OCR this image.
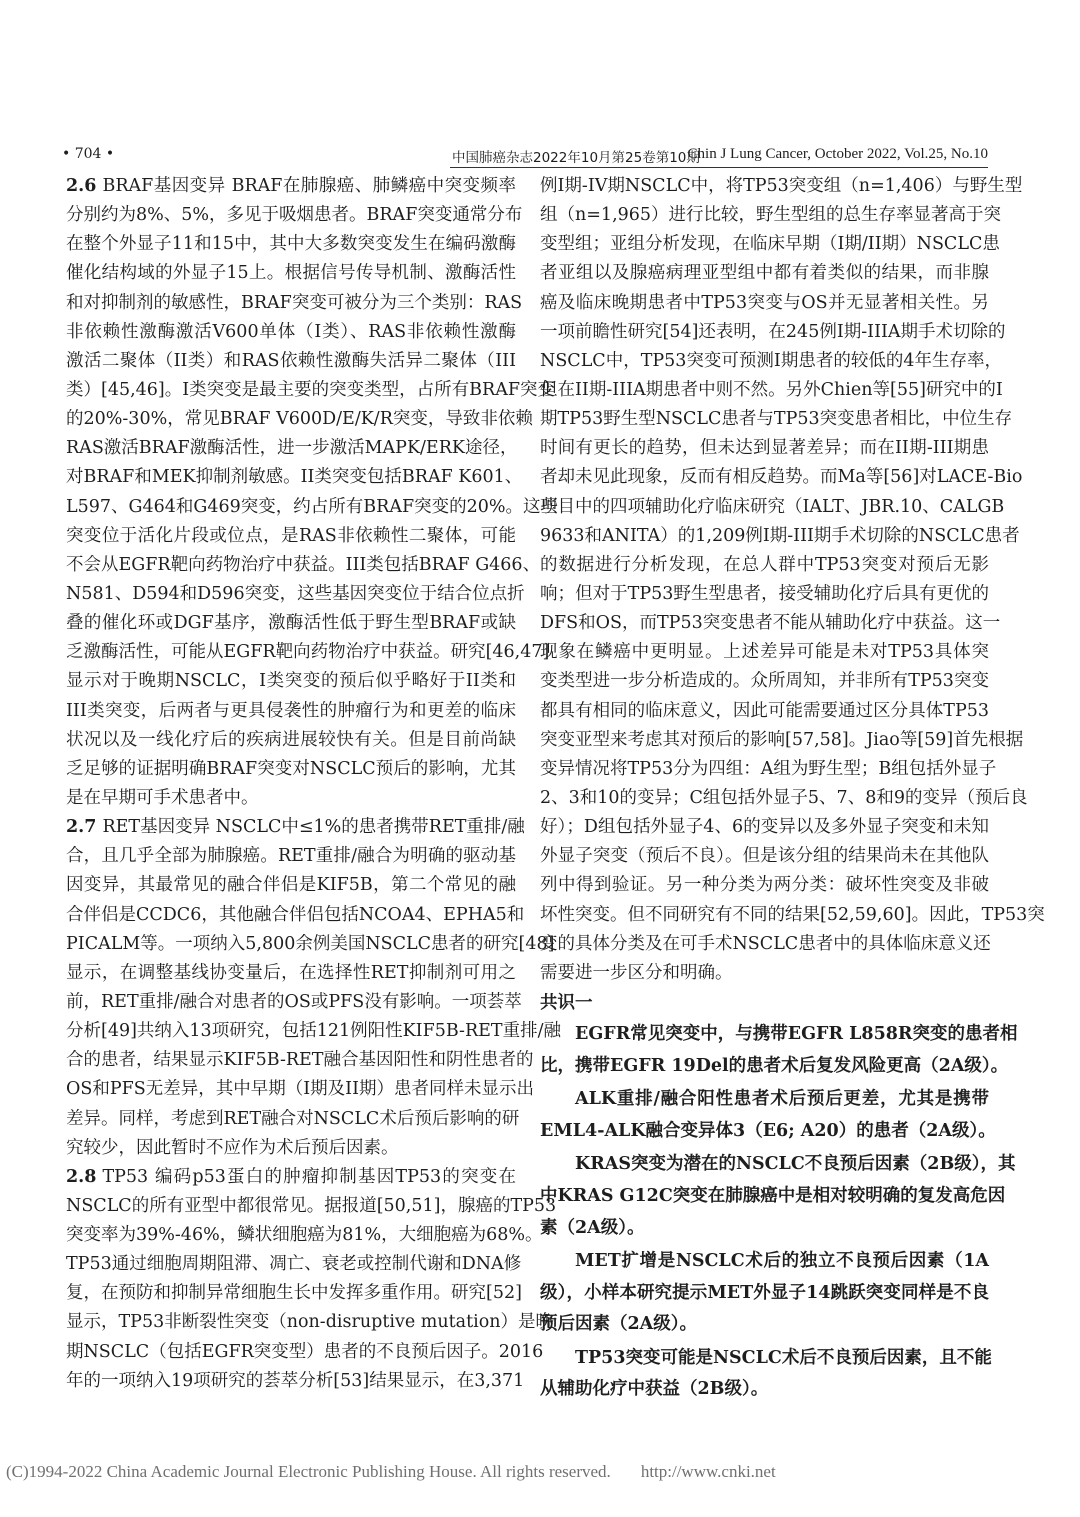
• 704 •	中国肺癌杂志2022年10月第25卷第10期
Chin J Lung Cancer, October 2022, Vol.25, No.10
2.6 BRAF基因变异 BRAF在肺腺癌、肺鳞癌中突变频率
分别约为8%、5%，多见于吸烟患者。BRAF突变通常分布
在整个外显子11和15中，其中大多数突变发生在编码激酶
催化结构域的外显子15上。根据信号传导机制、激酶活性
和对抑制剂的敏感性，BRAF突变可被分为三个类别：RAS
非依赖性激酶激活V600单体（I类）、RAS非依赖性激酶
激活二聚体（II类）和RAS依赖性激酶失活异二聚体（III
类）[45,46]。I类突变是最主要的突变类型，占所有BRAF突变
的20%-30%，常见BRAF V600D/E/K/R突变，导致非依赖
RAS激活BRAF激酶活性，进一步激活MAPK/ERK途径，
对BRAF和MEK抑制剂敏感。II类突变包括BRAF K601、
L597、G464和G469突变，约占所有BRAF突变的20%。这些
突变位于活化片段或位点，是RAS非依赖性二聚体，可能
不会从EGFR靶向药物治疗中获益。III类包括BRAF G466、
N581、D594和D596突变，这些基因突变位于结合位点折
叠的催化环或DGF基序，激酶活性低于野生型BRAF或缺
乏激酶活性，可能从EGFR靶向药物治疗中获益。研究[46,47]
显示对于晚期NSCLC，I类突变的预后似乎略好于II类和
III类突变，后两者与更具侵袭性的肿瘤行为和更差的临床
状况以及一线化疗后的疾病进展较快有关。但是目前尚缺
乏足够的证据明确BRAF突变对NSCLC预后的影响，尤其
是在早期可手术患者中。
2.7 RET基因变异 NSCLC中≤1%的患者携带RET重排/融
合，且几乎全部为肺腺癌。RET重排/融合为明确的驱动基
因变异，其最常见的融合伴侣是KIF5B，第二个常见的融
合伴侣是CCDC6，其他融合伴侣包括NCOA4、EPHA5和
PICALM等。一项纳入5,800余例美国NSCLC患者的研究[48]
显示，在调整基线协变量后，在选择性RET抑制剂可用之
前，RET重排/融合对患者的OS或PFS没有影响。一项荟萃
分析[49]共纳入13项研究，包括121例阳性KIF5B-RET重排/融
合的患者，结果显示KIF5B-RET融合基因阳性和阴性患者的
OS和PFS无差异，其中早期（I期及II期）患者同样未显示出
差异。同样，考虑到RET融合对NSCLC术后预后影响的研
究较少，因此暂时不应作为术后预后因素。
2.8 TP53 编码p53蛋白的肿瘤抑制基因TP53的突变在
NSCLC的所有亚型中都很常见。据报道[50,51]，腺癌的TP53
突变率为39%-46%，鳞状细胞癌为81%，大细胞癌为68%。
TP53通过细胞周期阻滞、凋亡、衰老或控制代谢和DNA修
复，在预防和抑制异常细胞生长中发挥多重作用。研究[52]
显示，TP53非断裂性突变（non-disruptive mutation）是晚
期NSCLC（包括EGFR突变型）患者的不良预后因子。2016
年的一项纳入19项研究的荟萃分析[53]结果显示，在3,371
例I期-IV期NSCLC中，将TP53突变组（n=1,406）与野生型
组（n=1,965）进行比较，野生型组的总生存率显著高于突
变型组；亚组分析发现，在临床早期（I期/II期）NSCLC患
者亚组以及腺癌病理亚型组中都有着类似的结果，而非腺
癌及临床晚期患者中TP53突变与OS并无显著相关性。另
一项前瞻性研究[54]还表明，在245例I期-IIIA期手术切除的
NSCLC中，TP53突变可预测I期患者的较低的4年生存率，
但在II期-IIIA期患者中则不然。另外Chien等[55]研究中的I
期TP53野生型NSCLC患者与TP53突变患者相比，中位生存
时间有更长的趋势，但未达到显著差异；而在II期-III期患
者却未见此现象，反而有相反趋势。而Ma等[56]对LACE-Bio
项目中的四项辅助化疗临床研究（IALT、JBR.10、CALGB
9633和ANITA）的1,209例I期-III期手术切除的NSCLC患者
的数据进行分析发现，在总人群中TP53突变对预后无影
响；但对于TP53野生型患者，接受辅助化疗后具有更优的
DFS和OS，而TP53突变患者不能从辅助化疗中获益。这一
现象在鳞癌中更明显。上述差异可能是未对TP53具体突
变类型进一步分析造成的。众所周知，并非所有TP53突变
都具有相同的临床意义，因此可能需要通过区分具体TP53
突变亚型来考虑其对预后的影响[57,58]。Jiao等[59]首先根据
变异情况将TP53分为四组：A组为野生型；B组包括外显子
2、3和10的变异；C组包括外显子5、7、8和9的变异（预后良
好）；D组包括外显子4、6的变异以及多外显子突变和未知
外显子突变（预后不良）。但是该分组的结果尚未在其他队
列中得到验证。另一种分类为两分类：破坏性突变及非破
坏性突变。但不同研究有不同的结果[52,59,60]。因此，TP53突
变的具体分类及在可手术NSCLC患者中的具体临床意义还
需要进一步区分和明确。
共识一
EGFR常见突变中，与携带EGFR L858R突变的患者相
比，携带EGFR 19Del的患者术后复发风险更高（2A级）。
ALK重排/融合阳性患者术后预后更差，尤其是携带
EML4-ALK融合变异体3（E6; A20）的患者（2A级）。
KRAS突变为潜在的NSCLC不良预后因素（2B级），其
中KRAS G12C突变在肺腺癌中是相对较明确的复发高危因
素（2A级）。
MET扩增是NSCLC术后的独立不良预后因素（1A
级），小样本研究提示MET外显子14跳跃突变同样是不良
预后因素（2A级）。
TP53突变可能是NSCLC术后不良预后因素，且不能
从辅助化疗中获益（2B级）。
(C)1994-2022 China Academic Journal Electronic Publishing House. All rights reserved. http://www.cnki.net
